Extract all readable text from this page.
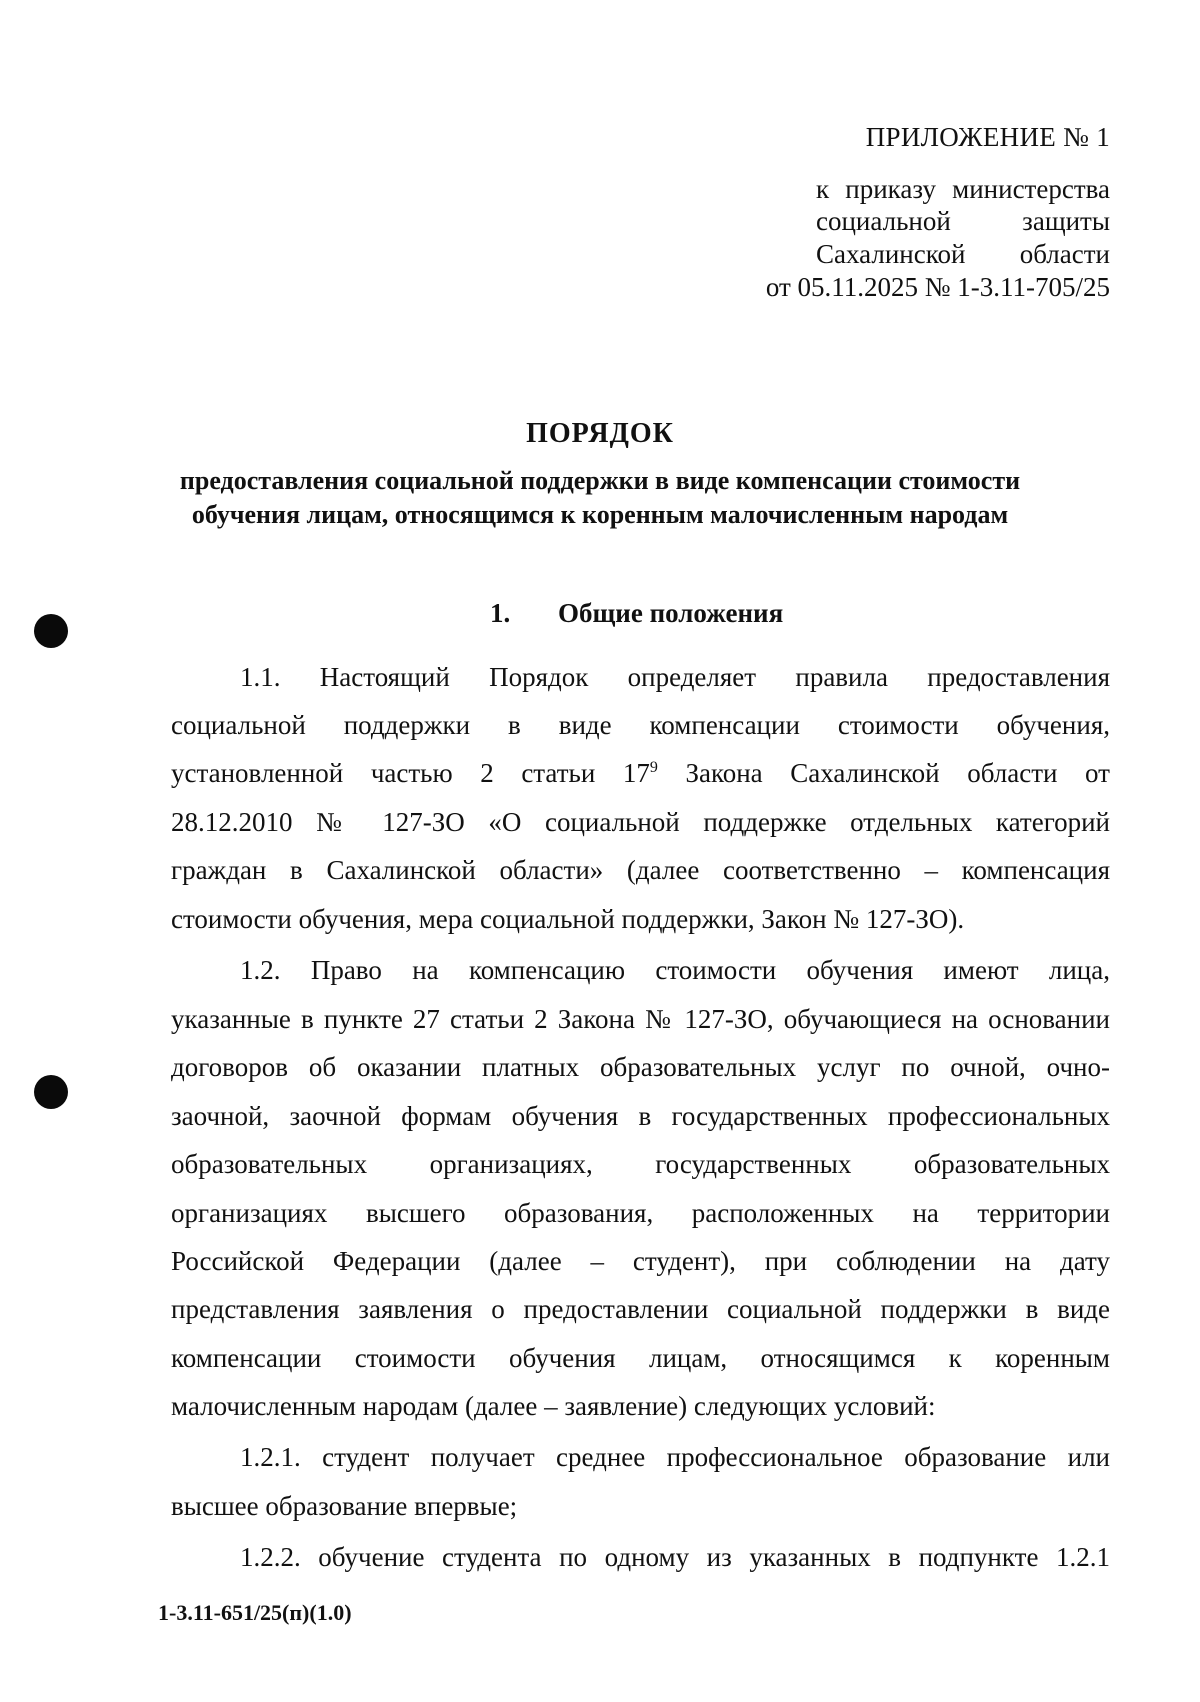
ПРИЛОЖЕНИЕ № 1
к приказу министерства
социальной защиты
Сахалинской области
от 05.11.2025 № 1-3.11-705/25
ПОРЯДОК
предоставления социальной поддержки в виде компенсации стоимости
обучения лицам, относящимся к коренным малочисленным народам
1. Общие положения
1.1. Настоящий Порядок определяет правила предоставления
социальной поддержки в виде компенсации стоимости обучения,
установленной частью 2 статьи $17^9$ Закона Сахалинской области от
28.12.2010 № 127-ЗО «О социальной поддержке отдельных категорий
граждан в Сахалинской области» (далее соответственно – компенсация
стоимости обучения, мера социальной поддержки, Закон № 127-ЗО).
1.2. Право на компенсацию стоимости обучения имеют лица,
указанные в пункте 27 статьи 2 Закона № 127-ЗО, обучающиеся на основании
договоров об оказании платных образовательных услуг по очной, очно-
заочной, заочной формам обучения в государственных профессиональных
образовательных организациях, государственных образовательных
организациях высшего образования, расположенных на территории
Российской Федерации (далее – студент), при соблюдении на дату
представления заявления о предоставлении социальной поддержки в виде
компенсации стоимости обучения лицам, относящимся к коренным
малочисленным народам (далее – заявление) следующих условий:
1.2.1. студент получает среднее профессиональное образование или
высшее образование впервые;
1.2.2. обучение студента по одному из указанных в подпункте 1.2.1
1-3.11-651/25(п)(1.0)
